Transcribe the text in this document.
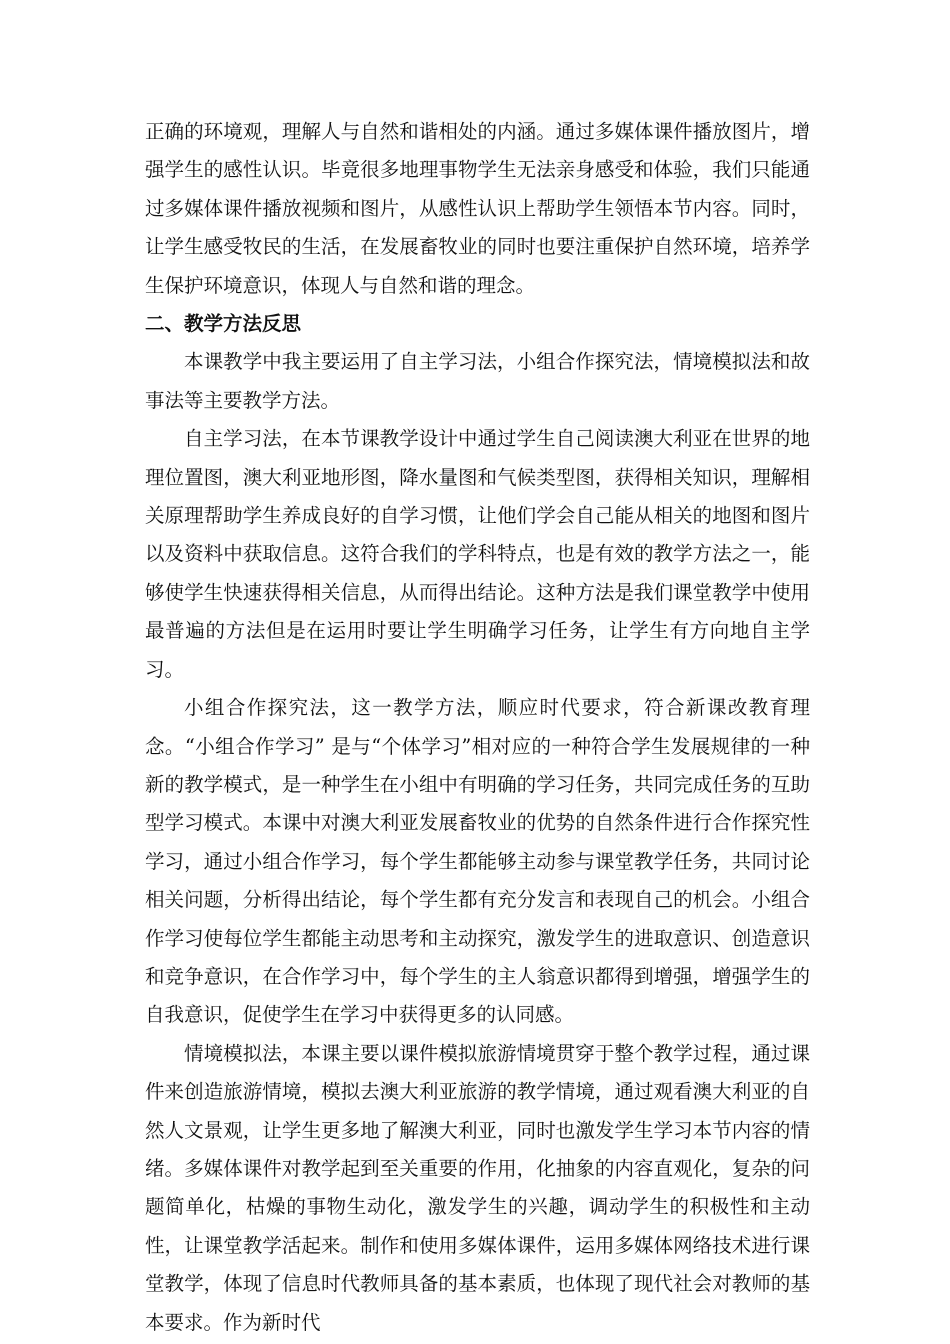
正确的环境观，理解人与自然和谐相处的内涵。通过多媒体课件播放图片，增强学生的感性认识。毕竟很多地理事物学生无法亲身感受和体验，我们只能通过多媒体课件播放视频和图片，从感性认识上帮助学生领悟本节内容。同时，让学生感受牧民的生活，在发展畜牧业的同时也要注重保护自然环境，培养学生保护环境意识，体现人与自然和谐的理念。

二、教学方法反思

本课教学中我主要运用了自主学习法，小组合作探究法，情境模拟法和故事法等主要教学方法。

自主学习法，在本节课教学设计中通过学生自己阅读澳大利亚在世界的地理位置图，澳大利亚地形图，降水量图和气候类型图，获得相关知识，理解相关原理帮助学生养成良好的自学习惯，让他们学会自己能从相关的地图和图片以及资料中获取信息。这符合我们的学科特点，也是有效的教学方法之一，能够使学生快速获得相关信息，从而得出结论。这种方法是我们课堂教学中使用最普遍的方法但是在运用时要让学生明确学习任务，让学生有方向地自主学习。

小组合作探究法，这一教学方法，顺应时代要求，符合新课改教育理念。“小组合作学习” 是与“个体学习”相对应的一种符合学生发展规律的一种新的教学模式，是一种学生在小组中有明确的学习任务，共同完成任务的互助型学习模式。本课中对澳大利亚发展畜牧业的优势的自然条件进行合作探究性学习，通过小组合作学习，每个学生都能够主动参与课堂教学任务，共同讨论相关问题，分析得出结论，每个学生都有充分发言和表现自己的机会。小组合作学习使每位学生都能主动思考和主动探究，激发学生的进取意识、创造意识和竞争意识，在合作学习中，每个学生的主人翁意识都得到增强，增强学生的自我意识，促使学生在学习中获得更多的认同感。

情境模拟法，本课主要以课件模拟旅游情境贯穿于整个教学过程，通过课件来创造旅游情境，模拟去澳大利亚旅游的教学情境，通过观看澳大利亚的自然人文景观，让学生更多地了解澳大利亚，同时也激发学生学习本节内容的情绪。多媒体课件对教学起到至关重要的作用，化抽象的内容直观化，复杂的问题简单化，枯燥的事物生动化，激发学生的兴趣，调动学生的积极性和主动性，让课堂教学活起来。制作和使用多媒体课件，运用多媒体网络技术进行课堂教学，体现了信息时代教师具备的基本素质，也体现了现代社会对教师的基本要求。作为新时代
